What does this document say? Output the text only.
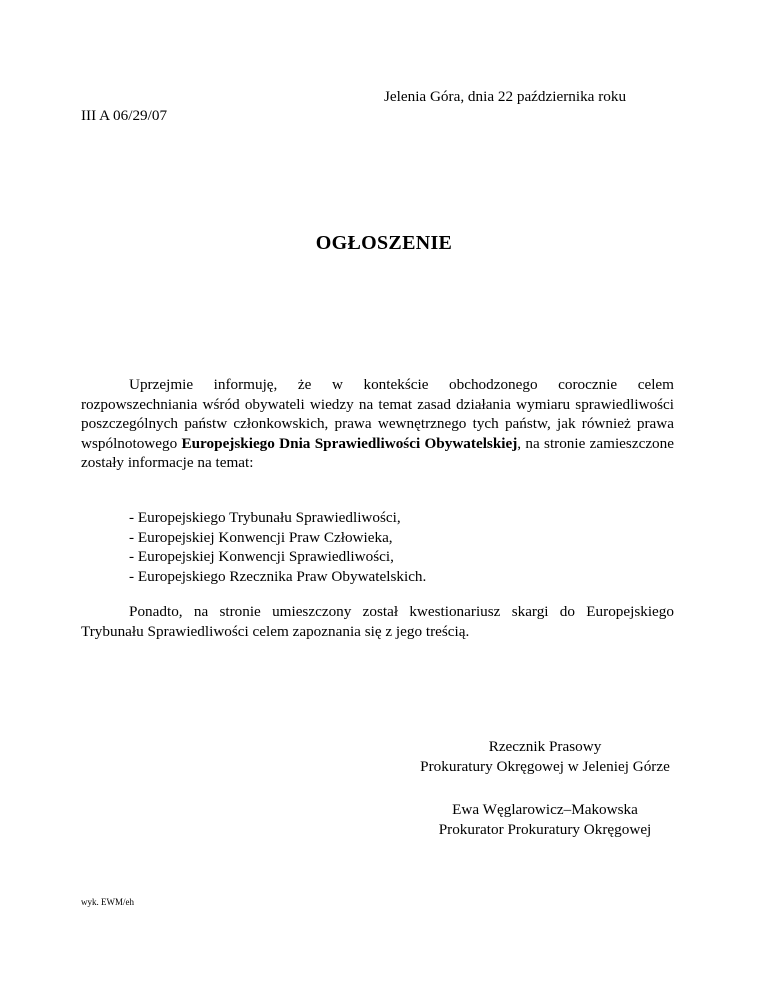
Jelenia Góra, dnia 22 października roku
III A 06/29/07
OGŁOSZENIE
Uprzejmie informuję, że w kontekście obchodzonego corocznie celem rozpowszechniania wśród obywateli wiedzy na temat zasad działania wymiaru sprawiedliwości poszczególnych państw członkowskich, prawa wewnętrznego tych państw, jak również prawa wspólnotowego Europejskiego Dnia Sprawiedliwości Obywatelskiej, na stronie zamieszczone zostały informacje na temat:
- Europejskiego Trybunału Sprawiedliwości,
- Europejskiej Konwencji Praw Człowieka,
- Europejskiej Konwencji Sprawiedliwości,
- Europejskiego Rzecznika Praw Obywatelskich.
Ponadto, na stronie umieszczony został kwestionariusz skargi do Europejskiego Trybunału Sprawiedliwości celem zapoznania się z jego treścią.
Rzecznik Prasowy
Prokuratury Okręgowej w Jeleniej Górze
Ewa Węglarowicz–Makowska
Prokurator Prokuratury Okręgowej
wyk. EWM/eh
